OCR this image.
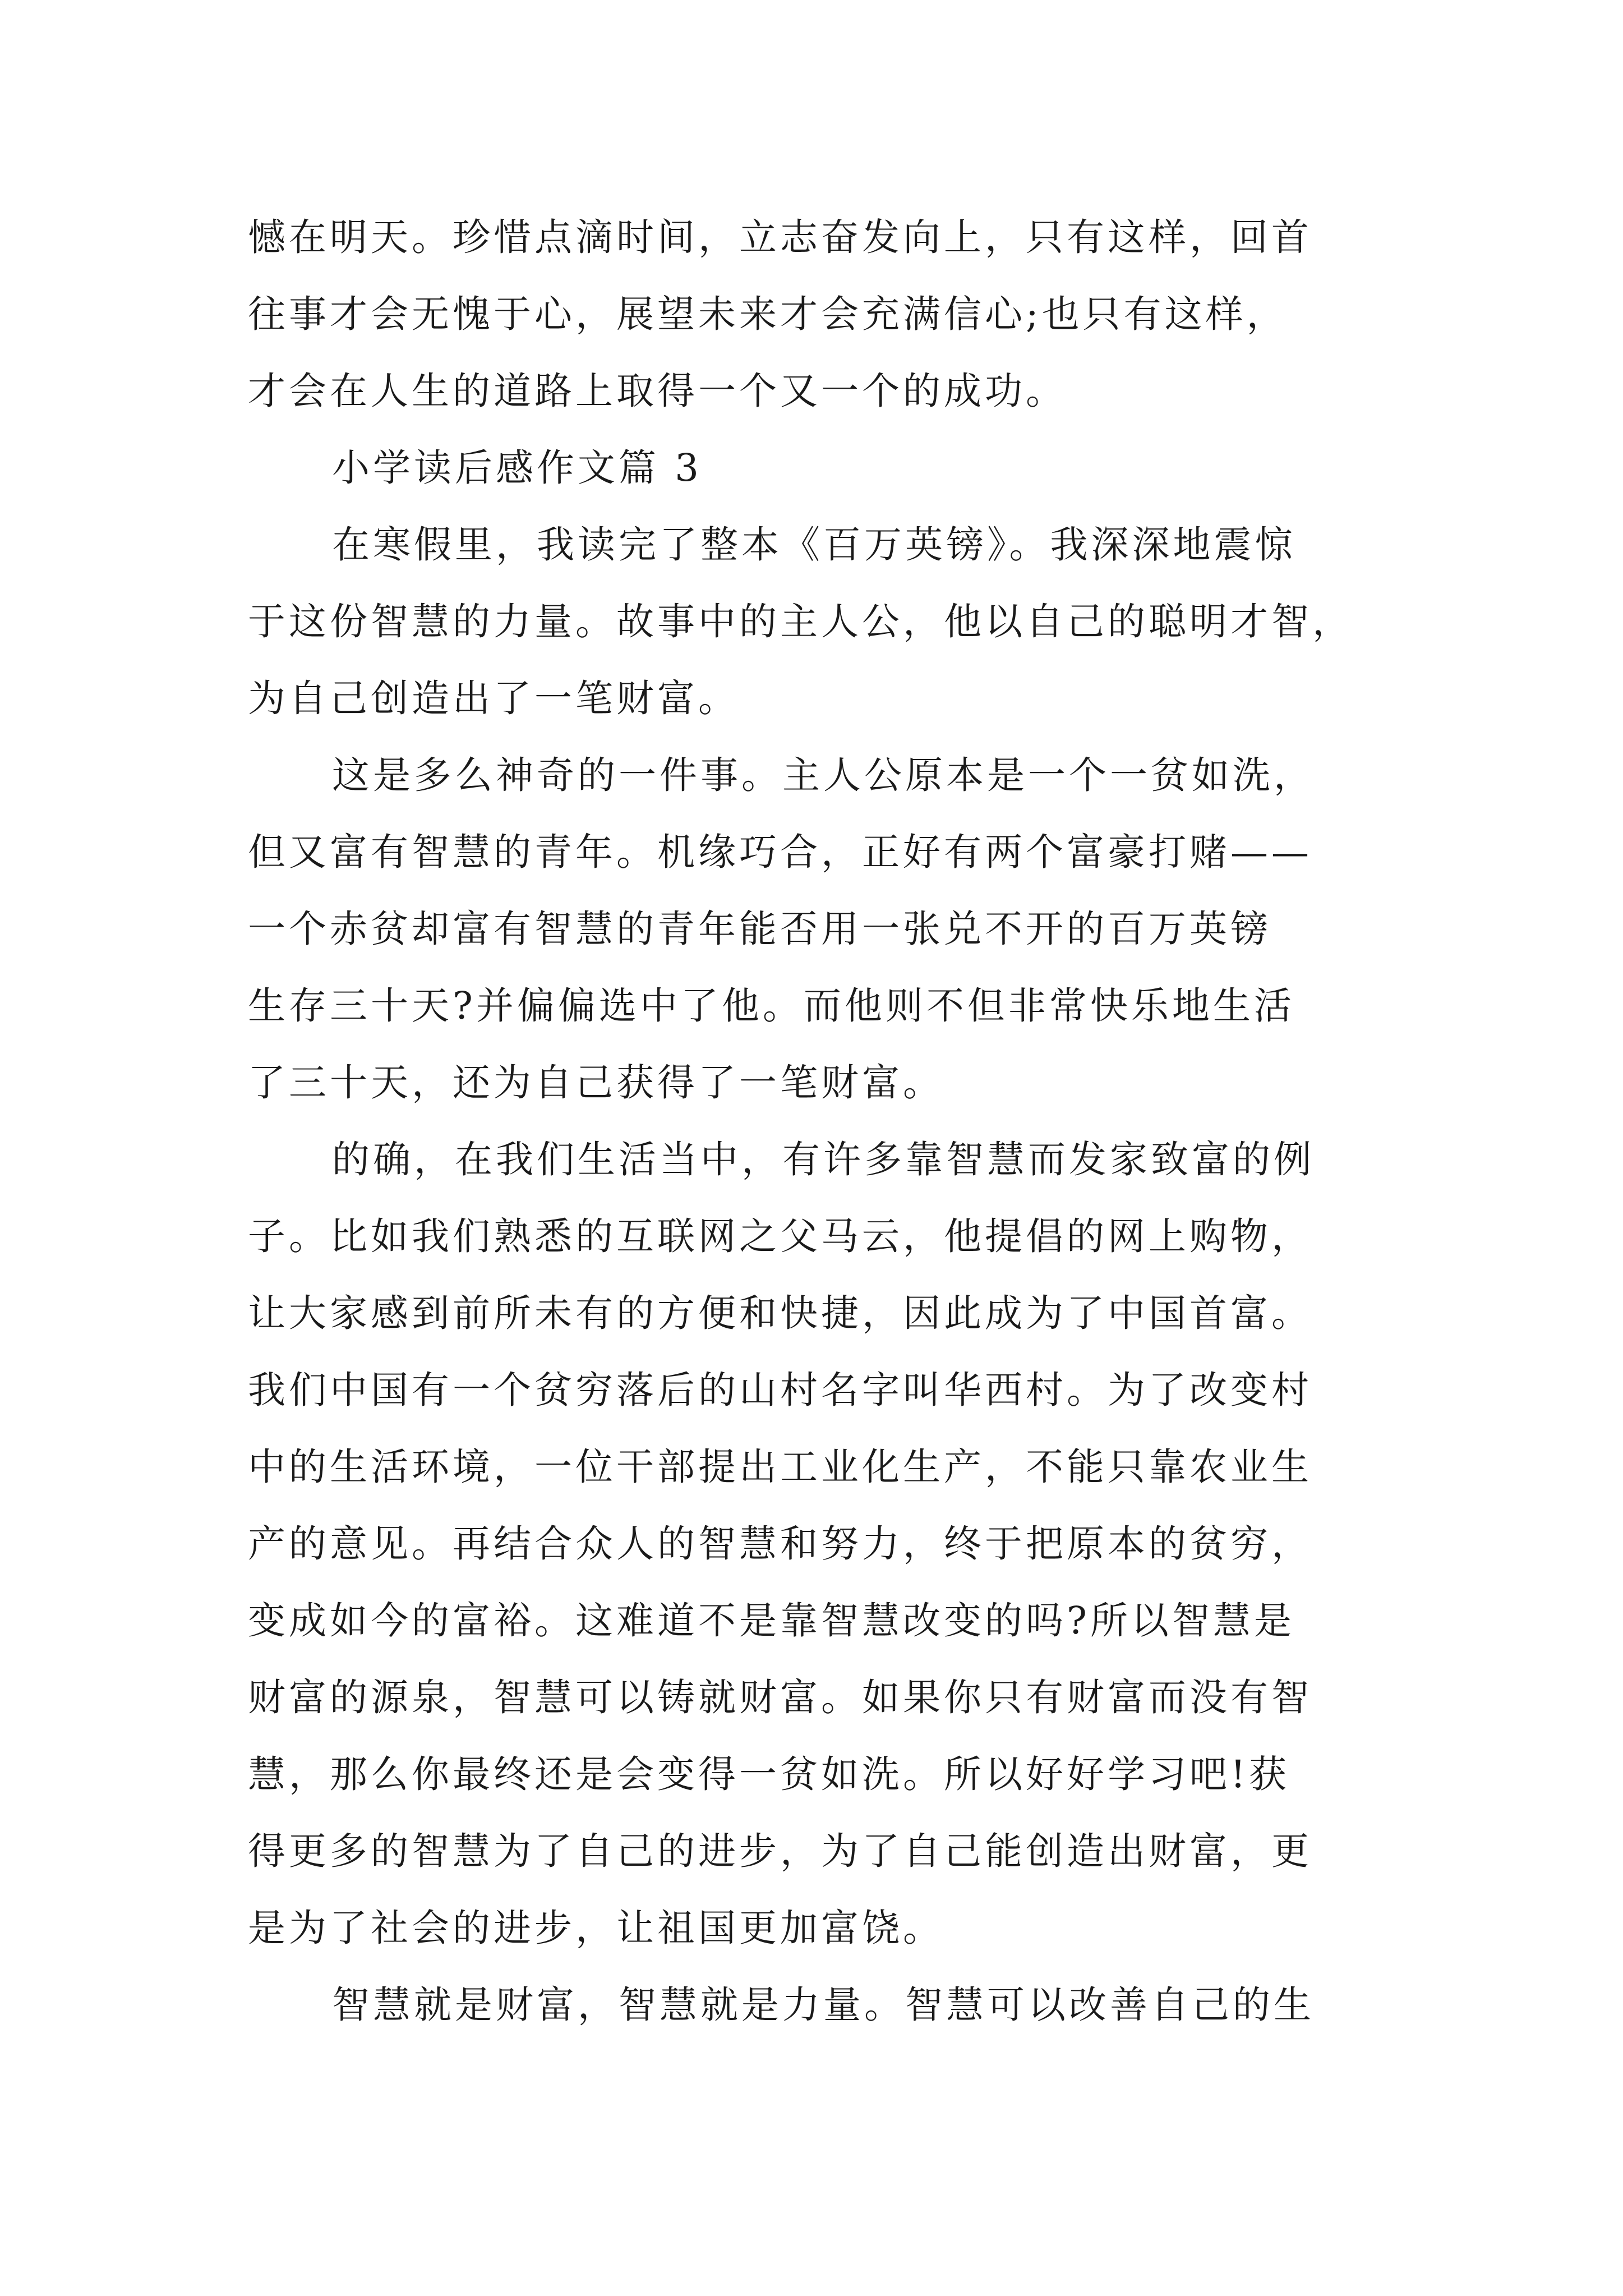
憾在明天。珍惜点滴时间，立志奋发向上，只有这样，回首
往事才会无愧于心，展望未来才会充满信心;也只有这样，
才会在人生的道路上取得一个又一个的成功。
小学读后感作文篇 3
在寒假里，我读完了整本《百万英镑》。我深深地震惊
于这份智慧的力量。故事中的主人公，他以自己的聪明才智，
为自己创造出了一笔财富。
这是多么神奇的一件事。主人公原本是一个一贫如洗，
但又富有智慧的青年。机缘巧合，正好有两个富豪打赌——
一个赤贫却富有智慧的青年能否用一张兑不开的百万英镑
生存三十天?并偏偏选中了他。而他则不但非常快乐地生活
了三十天，还为自己获得了一笔财富。
的确，在我们生活当中，有许多靠智慧而发家致富的例
子。比如我们熟悉的互联网之父马云，他提倡的网上购物，
让大家感到前所未有的方便和快捷，因此成为了中国首富。
我们中国有一个贫穷落后的山村名字叫华西村。为了改变村
中的生活环境，一位干部提出工业化生产，不能只靠农业生
产的意见。再结合众人的智慧和努力，终于把原本的贫穷，
变成如今的富裕。这难道不是靠智慧改变的吗?所以智慧是
财富的源泉，智慧可以铸就财富。如果你只有财富而没有智
慧，那么你最终还是会变得一贫如洗。所以好好学习吧!获
得更多的智慧为了自己的进步，为了自己能创造出财富，更
是为了社会的进步，让祖国更加富饶。
智慧就是财富，智慧就是力量。智慧可以改善自己的生
